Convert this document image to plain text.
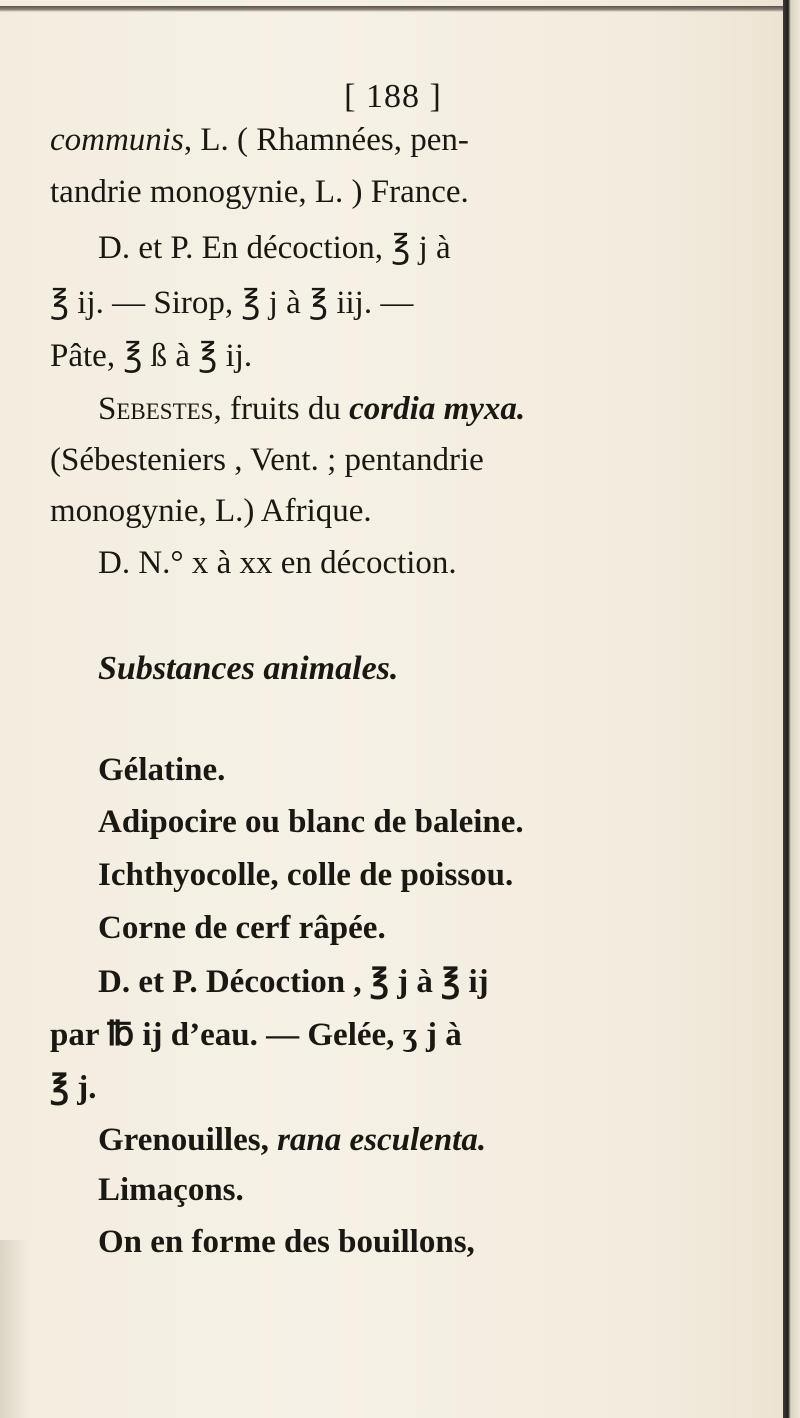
[ 188 ]
communis, L. ( Rhamnées, pen-
tandrie monogynie, L. ) France.
D. et P. En décoction, ℥ j à
℥ ij. — Sirop, ℥ j à ℥ iij. —
Pâte, ℥ ß à ℥ ij.
Sebestes, fruits du cordia myxa.
(Sébesteniers , Vent. ; pentandrie
monogynie, L.) Afrique.
D. N.° x à xx en décoction.
Substances animales.
Gélatine.
Adipocire ou blanc de baleine.
Ichthyocolle, colle de poissou.
Corne de cerf râpée.
D. et P. Décoction , ℥ j à ℥ ij
par ℔ ij d’eau. — Gelée, ʒ j à
℥ j.
Grenouilles, rana esculenta.
Limaçons.
On en forme des bouillons,
